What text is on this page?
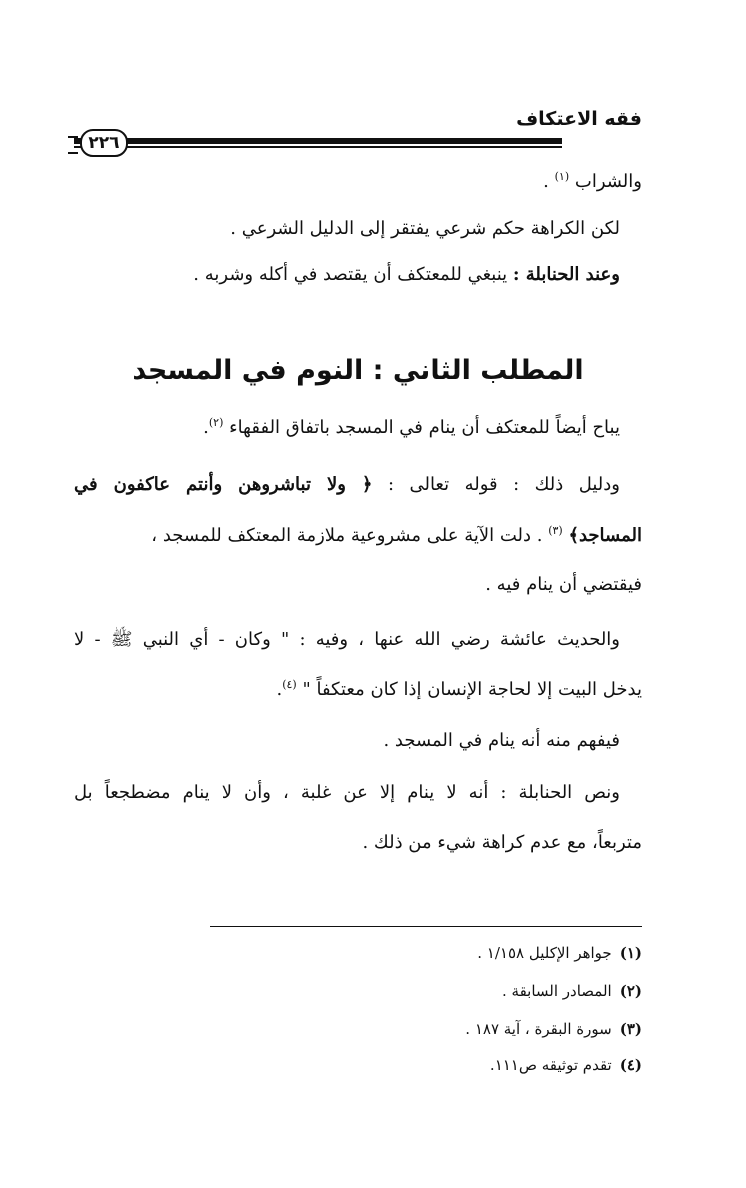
فقه الاعتكاف
٢٢٦
والشراب $^{(١)}$ .
لكن الكراهة حكم شرعي يفتقر إلى الدليل الشرعي .
وعند الحنابلة : ينبغي للمعتكف أن يقتصد في أكله وشربه .
المطلب الثاني : النوم في المسجد
يباح أيضاً للمعتكف أن ينام في المسجد باتفاق الفقهاء $^{(٢)}$.
ودليل ذلك : قوله تعالى : ﴿ ولا تباشروهن وأنتم عاكفون في
المساجد﴾ $^{(٣)}$ . دلت الآية على مشروعية ملازمة المعتكف للمسجد ،
فيقتضي أن ينام فيه .
والحديث عائشة رضي الله عنها ، وفيه : " وكان - أي النبي ﷺ - لا
يدخل البيت إلا لحاجة الإنسان إذا كان معتكفاً " $^{(٤)}$.
فيفهم منه أنه ينام في المسجد .
ونص الحنابلة : أنه لا ينام إلا عن غلبة ، وأن لا ينام مضطجعاً بل
متربعاً، مع عدم كراهة شيء من ذلك .
(١)جواهر الإكليل ١/١٥٨ .
(٢)المصادر السابقة .
(٣)سورة البقرة ، آية ١٨٧ .
(٤)تقدم توثيقه ص١١١.
